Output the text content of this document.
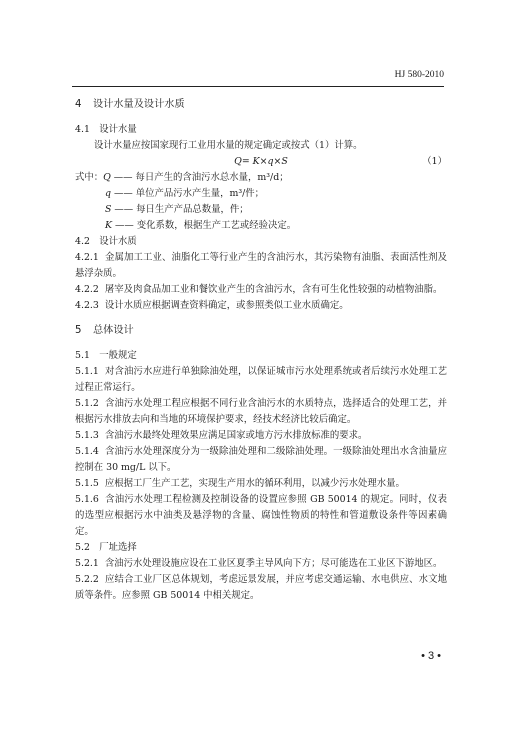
HJ 580-2010
4 设计水量及设计水质

4.1　设计水量

设计水量应按国家现行工业用水量的规定确定或按式（1）计算。

Q= K×q×S	（1）
式中：Q —— 每日产生的含油污水总水量，m³/d；
q —— 单位产品污水产生量，m³/件；
S —— 每日生产产品总数量，件；
K —— 变化系数，根据生产工艺或经验决定。

4.2　设计水质

4.2.1 金属加工工业、油脂化工等行业产生的含油污水，其污染物有油脂、表面活性剂及悬浮杂质。

4.2.2 屠宰及肉食品加工业和餐饮业产生的含油污水，含有可生化性较强的动植物油脂。

4.2.3 设计水质应根据调查资料确定，或参照类似工业水质确定。

5 总体设计

5.1　一般规定

5.1.1 对含油污水应进行单独除油处理，以保证城市污水处理系统或者后续污水处理工艺过程正常运行。

5.1.2 含油污水处理工程应根据不同行业含油污水的水质特点，选择适合的处理工艺，并根据污水排放去向和当地的环境保护要求，经技术经济比较后确定。

5.1.3 含油污水最终处理效果应满足国家或地方污水排放标准的要求。

5.1.4 含油污水处理深度分为一级除油处理和二级除油处理。一级除油处理出水含油量应控制在 30 mg/L 以下。

5.1.5 应根据工厂生产工艺，实现生产用水的循环利用，以减少污水处理水量。

5.1.6 含油污水处理工程检测及控制设备的设置应参照 GB 50014 的规定。同时，仪表的选型应根据污水中油类及悬浮物的含量、腐蚀性物质的特性和管道敷设条件等因素确定。

5.2　厂址选择

5.2.1 含油污水处理设施应设在工业区夏季主导风向下方；尽可能选在工业区下游地区。

5.2.2 应结合工业厂区总体规划，考虑远景发展，并应考虑交通运输、水电供应、水文地质等条件。应参照 GB 50014 中相关规定。

• 3 •
